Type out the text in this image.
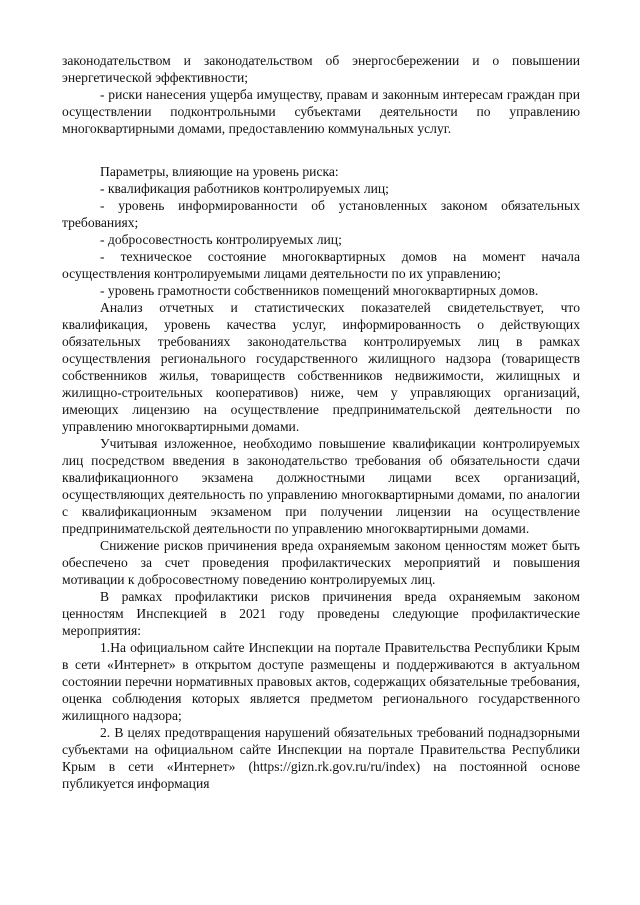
законодательством и законодательством об энергосбережении и о повышении энергетической эффективности;

- риски нанесения ущерба имуществу, правам и законным интересам граждан при осуществлении подконтрольными субъектами деятельности по управлению многоквартирными домами, предоставлению коммунальных услуг.

Параметры, влияющие на уровень риска:

- квалификация работников контролируемых лиц;

- уровень информированности об установленных законом обязательных требованиях;

- добросовестность контролируемых лиц;

- техническое состояние многоквартирных домов на момент начала осуществления контролируемыми лицами деятельности по их управлению;

- уровень грамотности собственников помещений многоквартирных домов.

Анализ отчетных и статистических показателей свидетельствует, что квалификация, уровень качества услуг, информированность о действующих обязательных требованиях законодательства контролируемых лиц в рамках осуществления регионального государственного жилищного надзора (товариществ собственников жилья, товариществ собственников недвижимости, жилищных и жилищно-строительных кооперативов) ниже, чем у управляющих организаций, имеющих лицензию на осуществление предпринимательской деятельности по управлению многоквартирными домами.

Учитывая изложенное, необходимо повышение квалификации контролируемых лиц посредством введения в законодательство требования об обязательности сдачи квалификационного экзамена должностными лицами всех организаций, осуществляющих деятельность по управлению многоквартирными домами, по аналогии с квалификационным экзаменом при получении лицензии на осуществление предпринимательской деятельности по управлению многоквартирными домами.

Снижение рисков причинения вреда охраняемым законом ценностям может быть обеспечено за счет проведения профилактических мероприятий и повышения мотивации к добросовестному поведению контролируемых лиц.

В рамках профилактики рисков причинения вреда охраняемым законом ценностям Инспекцией в 2021 году проведены следующие профилактические мероприятия:

1.На официальном сайте Инспекции на портале Правительства Республики Крым в сети «Интернет» в открытом доступе размещены и поддерживаются в актуальном состоянии перечни нормативных правовых актов, содержащих обязательные требования, оценка соблюдения которых является предметом регионального государственного жилищного надзора;

2. В целях предотвращения нарушений обязательных требований поднадзорными субъектами на официальном сайте Инспекции на портале Правительства Республики Крым в сети «Интернет» (https://gizn.rk.gov.ru/ru/index) на постоянной основе публикуется информация
